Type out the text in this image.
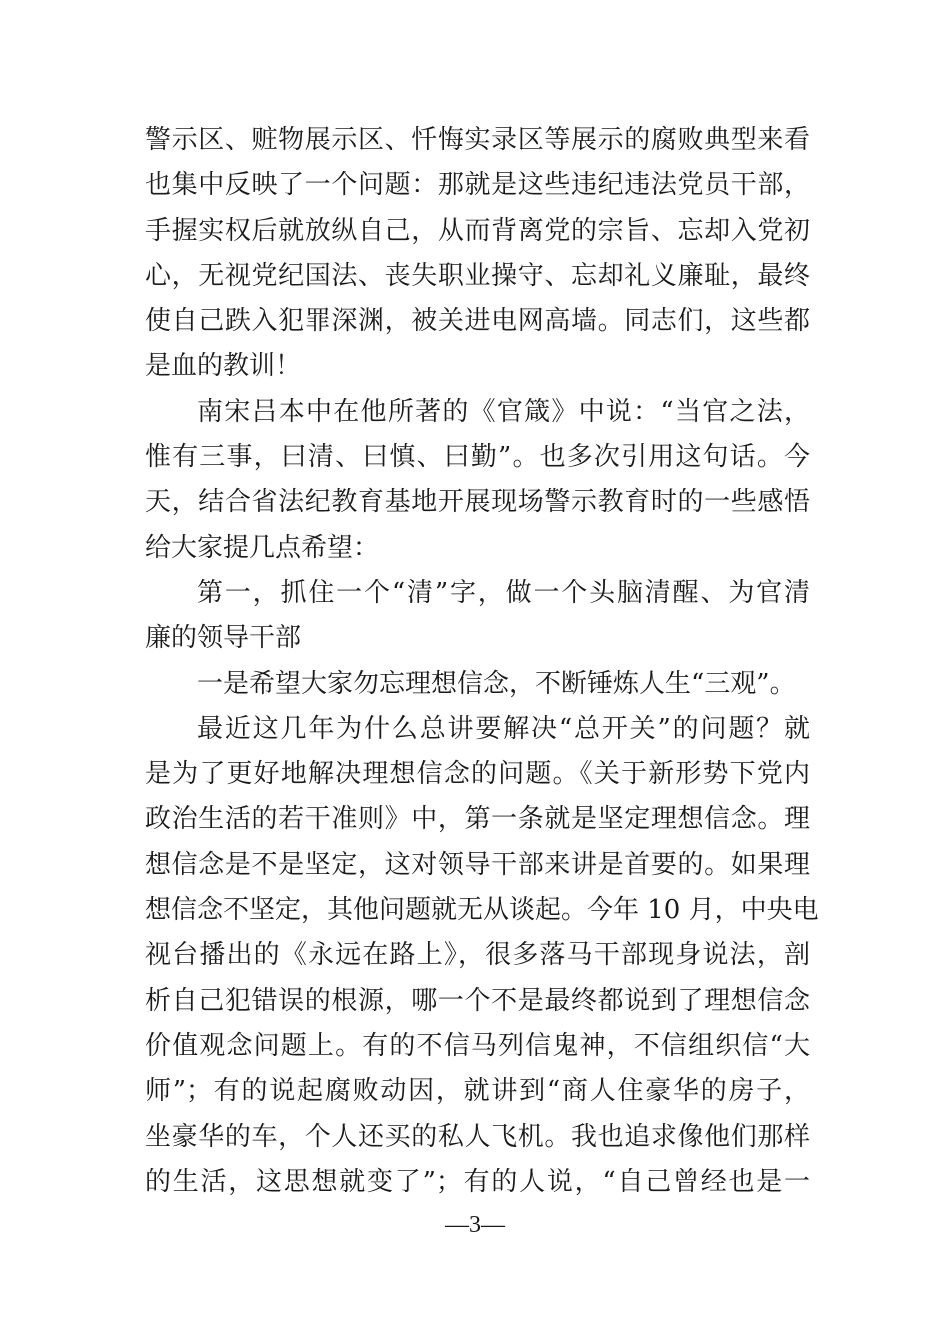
警示区、赃物展示区、忏悔实录区等展示的腐败典型来看
也集中反映了一个问题：那就是这些违纪违法党员干部，
手握实权后就放纵自己，从而背离党的宗旨、忘却入党初
心，无视党纪国法、丧失职业操守、忘却礼义廉耻，最终
使自己跌入犯罪深渊，被关进电网高墙。同志们，这些都
是血的教训！
南宋吕本中在他所著的《官箴》中说：“当官之法，
惟有三事，曰清、曰慎、曰勤”。也多次引用这句话。今
天，结合省法纪教育基地开展现场警示教育时的一些感悟
给大家提几点希望：
第一，抓住一个“清”字，做一个头脑清醒、为官清
廉的领导干部
一是希望大家勿忘理想信念，不断锤炼人生“三观”。
最近这几年为什么总讲要解决“总开关”的问题？就
是为了更好地解决理想信念的问题。《关于新形势下党内
政治生活的若干准则》中，第一条就是坚定理想信念。理
想信念是不是坚定，这对领导干部来讲是首要的。如果理
想信念不坚定，其他问题就无从谈起。今年 10 月，中央电
视台播出的《永远在路上》，很多落马干部现身说法，剖
析自己犯错误的根源，哪一个不是最终都说到了理想信念
价值观念问题上。有的不信马列信鬼神，不信组织信“大
师”；有的说起腐败动因，就讲到“商人住豪华的房子，
坐豪华的车，个人还买的私人飞机。我也追求像他们那样
的生活，这思想就变了”；有的人说，“自己曾经也是一
—3—
